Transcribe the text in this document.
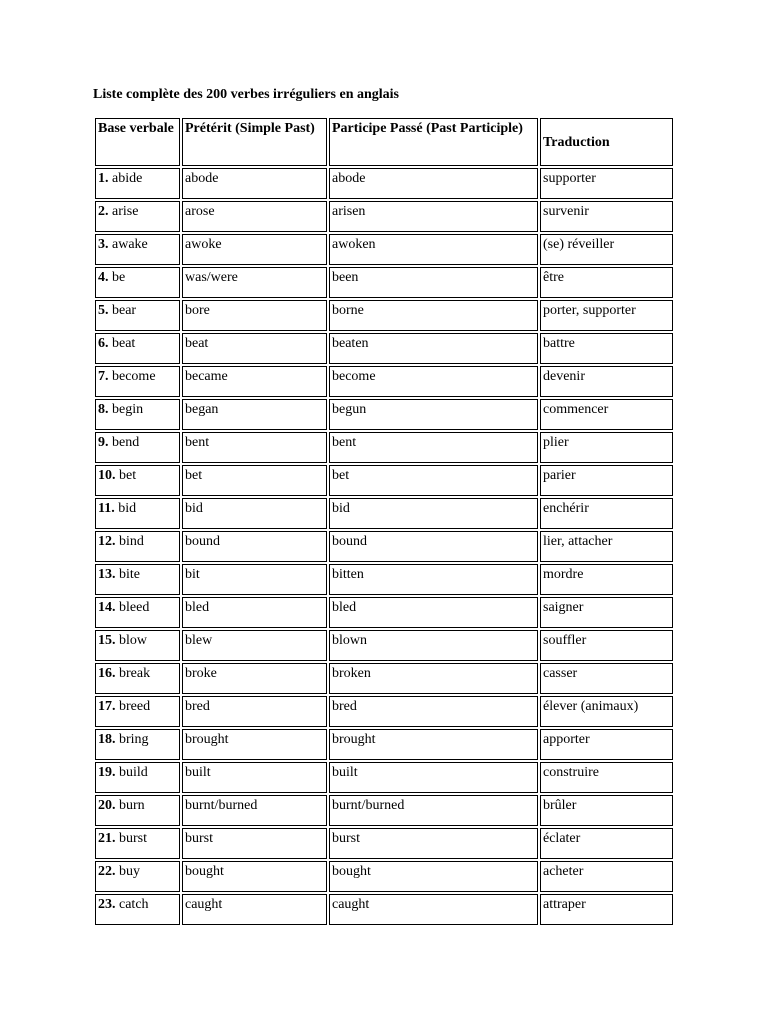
Liste complète des 200 verbes irréguliers en anglais
Base verbale	Prétérit (Simple Past)	Participe Passé (Past Participle)	Traduction
1. abide	abode	abode	supporter
2. arise	arose	arisen	survenir
3. awake	awoke	awoken	(se) réveiller
4. be	was/were	been	être
5. bear	bore	borne	porter, supporter
6. beat	beat	beaten	battre
7. become	became	become	devenir
8. begin	began	begun	commencer
9. bend	bent	bent	plier
10. bet	bet	bet	parier
11. bid	bid	bid	enchérir
12. bind	bound	bound	lier, attacher
13. bite	bit	bitten	mordre
14. bleed	bled	bled	saigner
15. blow	blew	blown	souffler
16. break	broke	broken	casser
17. breed	bred	bred	élever (animaux)
18. bring	brought	brought	apporter
19. build	built	built	construire
20. burn	burnt/burned	burnt/burned	brûler
21. burst	burst	burst	éclater
22. buy	bought	bought	acheter
23. catch	caught	caught	attraper
